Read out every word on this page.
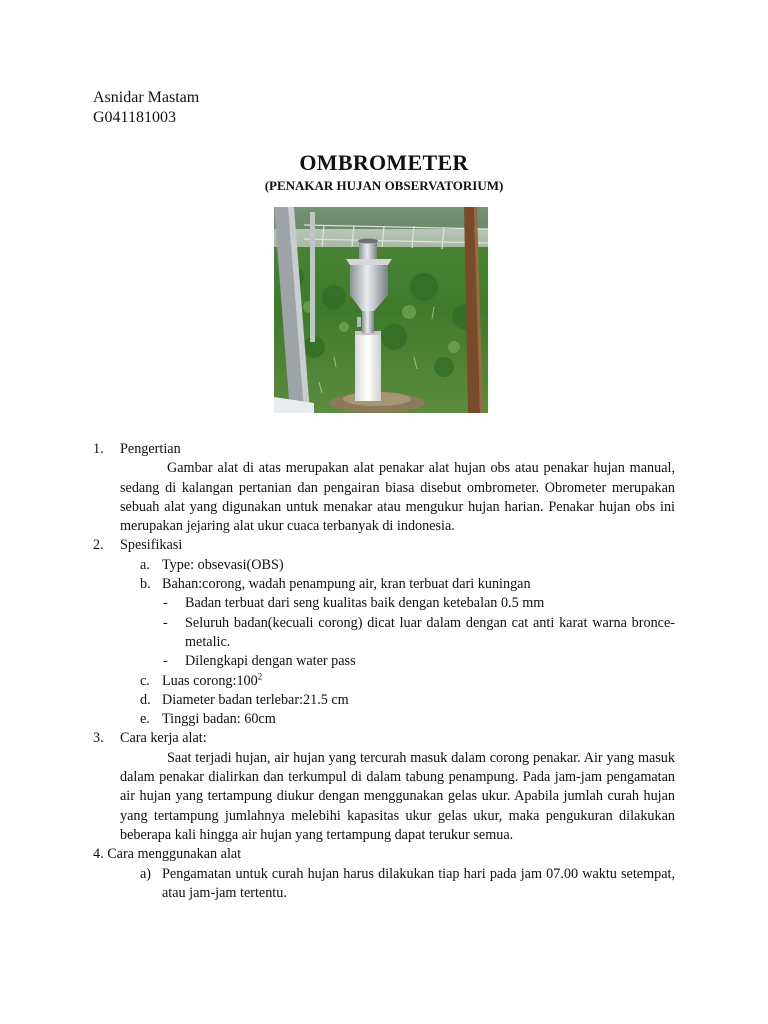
Asnidar Mastam
G041181003
OMBROMETER
(PENAKAR HUJAN OBSERVATORIUM)
1. Pengertian
Gambar alat di atas merupakan alat penakar alat hujan obs atau penakar hujan manual, sedang di kalangan pertanian dan pengairan biasa disebut ombrometer. Obrometer merupakan sebuah alat yang digunakan untuk menakar atau mengukur hujan harian. Penakar hujan obs ini merupakan jejaring alat ukur cuaca terbanyak di indonesia.
2. Spesifikasi
a. Type: obsevasi(OBS)
b. Bahan:corong, wadah penampung air, kran terbuat dari kuningan
- Badan terbuat dari seng kualitas baik dengan ketebalan 0.5 mm
- Seluruh badan(kecuali corong) dicat luar dalam dengan cat anti karat warna bronce-metalic.
- Dilengkapi dengan water pass
c. Luas $corong:100^2$
d. Diameter badan terlebar:21.5 cm
e. Tinggi badan: 60cm
3. Cara kerja alat:
Saat terjadi hujan, air hujan yang tercurah masuk dalam corong penakar. Air yang masuk dalam penakar dialirkan dan terkumpul di dalam tabung penampung. Pada jam-jam pengamatan air hujan yang tertampung diukur dengan menggunakan gelas ukur. Apabila jumlah curah hujan yang tertampung jumlahnya melebihi kapasitas ukur gelas ukur, maka pengukuran dilakukan beberapa kali hingga air hujan yang tertampung dapat terukur semua.
4. Cara menggunakan alat
a) Pengamatan untuk curah hujan harus dilakukan tiap hari pada jam 07.00 waktu setempat, atau jam-jam tertentu.
